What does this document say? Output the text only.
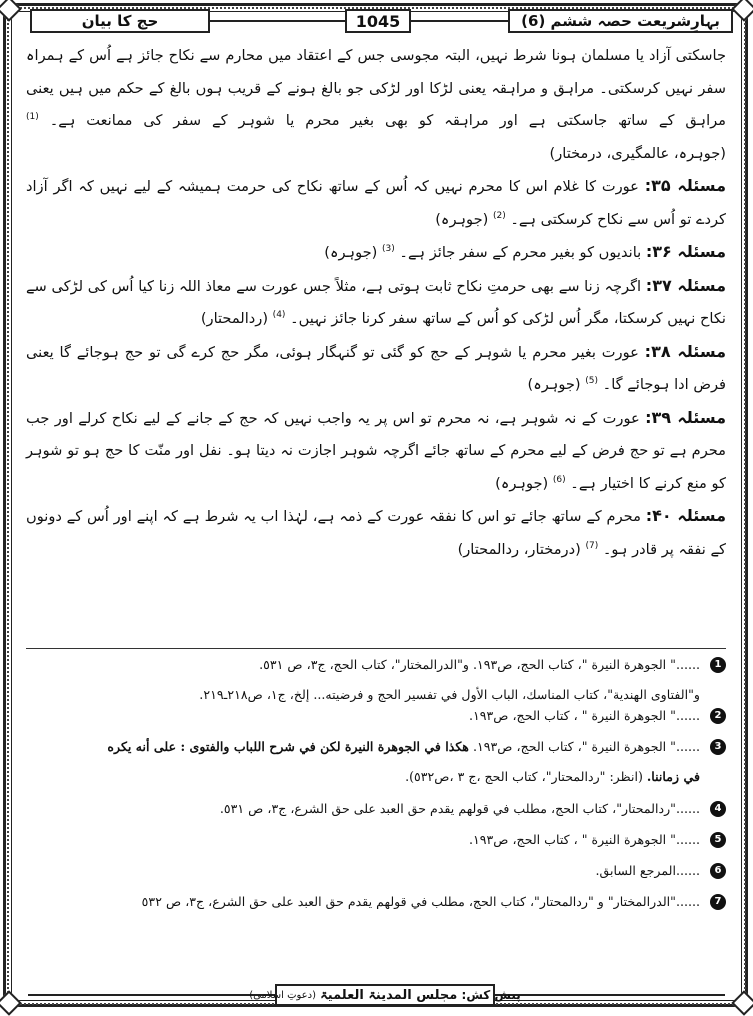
بہارِشریعت حصہ ششم (6)
1045
حج کا بیان

جاسکتی آزاد یا مسلمان ہونا شرط نہیں، البتہ مجوسی جس کے اعتقاد میں محارم سے نکاح جائز ہے اُس کے ہمراہ سفر نہیں کرسکتی۔ مراہق و مراہقہ یعنی لڑکا اور لڑکی جو بالغ ہونے کے قریب ہوں بالغ کے حکم میں ہیں یعنی مراہق کے ساتھ جاسکتی ہے اور مراہقہ کو بھی بغیر محرم یا شوہر کے سفر کی ممانعت ہے۔ $^{(1)}$ (جوہرہ، عالمگیری، درمختار)

مسئلہ ۳۵: عورت کا غلام اس کا محرم نہیں کہ اُس کے ساتھ نکاح کی حرمت ہمیشہ کے لیے نہیں کہ اگر آزاد کردے تو اُس سے نکاح کرسکتی ہے۔ $^{(2)}$ (جوہرہ)

مسئلہ ۳۶: باندیوں کو بغیر محرم کے سفر جائز ہے۔ $^{(3)}$ (جوہرہ)

مسئلہ ۳۷: اگرچہ زنا سے بھی حرمتِ نکاح ثابت ہوتی ہے، مثلاً جس عورت سے معاذ اللہ زنا کیا اُس کی لڑکی سے نکاح نہیں کرسکتا، مگر اُس لڑکی کو اُس کے ساتھ سفر کرنا جائز نہیں۔ $^{(4)}$ (ردالمحتار)

مسئلہ ۳۸: عورت بغیر محرم یا شوہر کے حج کو گئی تو گنہگار ہوئی، مگر حج کرے گی تو حج ہوجائے گا یعنی فرض ادا ہوجائے گا۔ $^{(5)}$ (جوہرہ)

مسئلہ ۳۹: عورت کے نہ شوہر ہے، نہ محرم تو اس پر یہ واجب نہیں کہ حج کے جانے کے لیے نکاح کرلے اور جب محرم ہے تو حج فرض کے لیے محرم کے ساتھ جائے اگرچہ شوہر اجازت نہ دیتا ہو۔ نفل اور منّت کا حج ہو تو شوہر کو منع کرنے کا اختیار ہے۔ $^{(6)}$ (جوہرہ)

مسئلہ ۴۰: محرم کے ساتھ جائے تو اس کا نفقہ عورت کے ذمہ ہے، لہٰذا اب یہ شرط ہے کہ اپنے اور اُس کے دونوں کے نفقہ پر قادر ہو۔ $^{(7)}$ (درمختار، ردالمحتار)

1
......" الجوهرة النيرة "، كتاب الحج، ص١٩٣. و"الدرالمختار"، كتاب الحج، ج٣، ص ٥٣١.

و"الفتاوى الهندية"، كتاب المناسك، الباب الأول في تفسير الحج و فرضيته... إلخ، ج١، ص٢١٨ـ٢١٩.

2
......" الجوهرة النيرة " ، كتاب الحج، ص١٩٣.

3
......" الجوهرة النيرة "، كتاب الحج، ص١٩٣. هكذا في الجوهرة النيرة لكن في شرح اللباب والفتوى : على أنه يكره

في زماننا. (انظر: "ردالمحتار"، كتاب الحج ،ج ٣ ،ص٥٣٢).

4
......"ردالمحتار"، كتاب الحج، مطلب في قولهم يقدم حق العبد على حق الشرع، ج٣، ص ٥٣١.

5
......" الجوهرة النيرة " ، كتاب الحج، ص١٩٣.

6
......المرجع السابق.

7
......"الدرالمختار" و "ردالمحتار"، كتاب الحج، مطلب في قولهم يقدم حق العبد على حق الشرع، ج٣، ص ٥٣٢

پیش کش:

مجلس المدینۃ العلمیۃ

(دعوتِ اسلامی)
